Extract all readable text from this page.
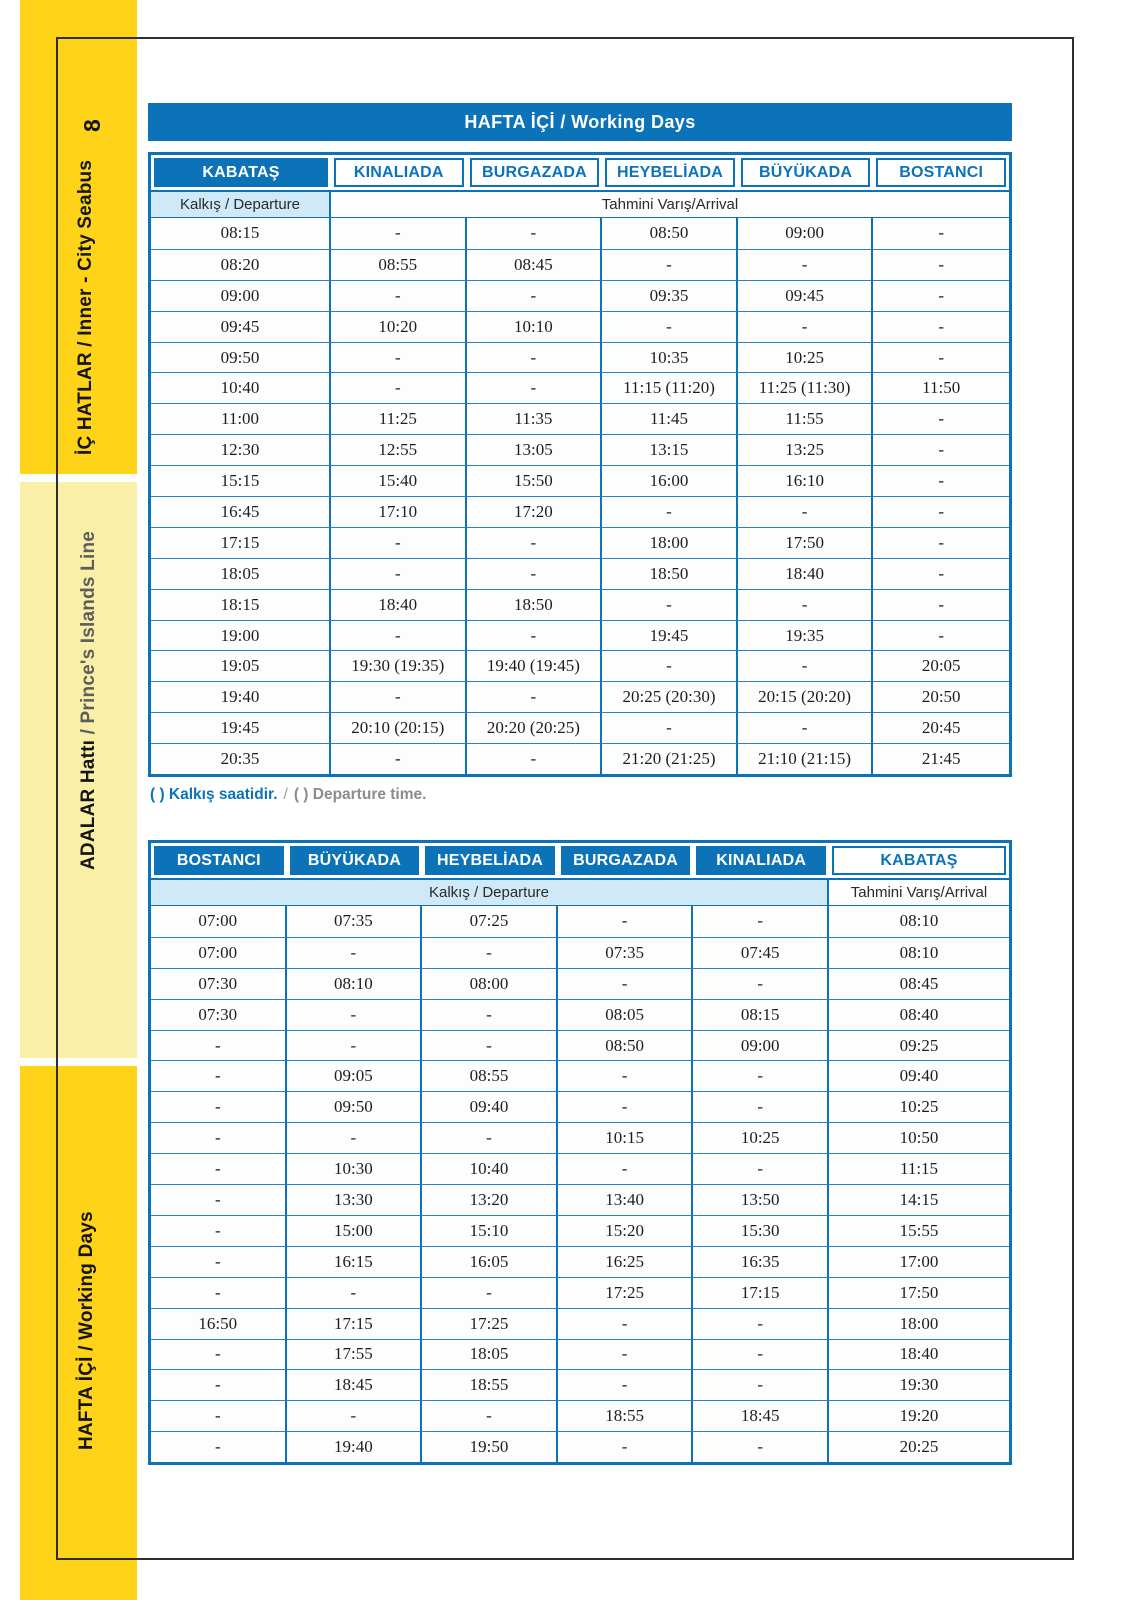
8
İÇ HATLAR / Inner - City Seabus
ADALAR Hattı / Prince's Islands Line
HAFTA İÇİ / Working Days
HAFTA İÇİ / Working Days
KABATAŞ	KINALIADA	BURGAZADA	HEYBELİADA	BÜYÜKADA	BOSTANCI
Kalkış / Departure	Tahmini Varış/Arrival
08:15	-	-	08:50	09:00	-
08:20	08:55	08:45	-	-	-
09:00	-	-	09:35	09:45	-
09:45	10:20	10:10	-	-	-
09:50	-	-	10:35	10:25	-
10:40	-	-	11:15 (11:20)	11:25 (11:30)	11:50
11:00	11:25	11:35	11:45	11:55	-
12:30	12:55	13:05	13:15	13:25	-
15:15	15:40	15:50	16:00	16:10	-
16:45	17:10	17:20	-	-	-
17:15	-	-	18:00	17:50	-
18:05	-	-	18:50	18:40	-
18:15	18:40	18:50	-	-	-
19:00	-	-	19:45	19:35	-
19:05	19:30 (19:35)	19:40 (19:45)	-	-	20:05
19:40	-	-	20:25 (20:30)	20:15 (20:20)	20:50
19:45	20:10 (20:15)	20:20 (20:25)	-	-	20:45
20:35	-	-	21:20 (21:25)	21:10 (21:15)	21:45
( ) Kalkış saatidir. / ( ) Departure time.
BOSTANCI	BÜYÜKADA	HEYBELİADA	BURGAZADA	KINALIADA	KABATAŞ
Kalkış / Departure	Tahmini Varış/Arrival
07:00	07:35	07:25	-	-	08:10
07:00	-	-	07:35	07:45	08:10
07:30	08:10	08:00	-	-	08:45
07:30	-	-	08:05	08:15	08:40
-	-	-	08:50	09:00	09:25
-	09:05	08:55	-	-	09:40
-	09:50	09:40	-	-	10:25
-	-	-	10:15	10:25	10:50
-	10:30	10:40	-	-	11:15
-	13:30	13:20	13:40	13:50	14:15
-	15:00	15:10	15:20	15:30	15:55
-	16:15	16:05	16:25	16:35	17:00
-	-	-	17:25	17:15	17:50
16:50	17:15	17:25	-	-	18:00
-	17:55	18:05	-	-	18:40
-	18:45	18:55	-	-	19:30
-	-	-	18:55	18:45	19:20
-	19:40	19:50	-	-	20:25
